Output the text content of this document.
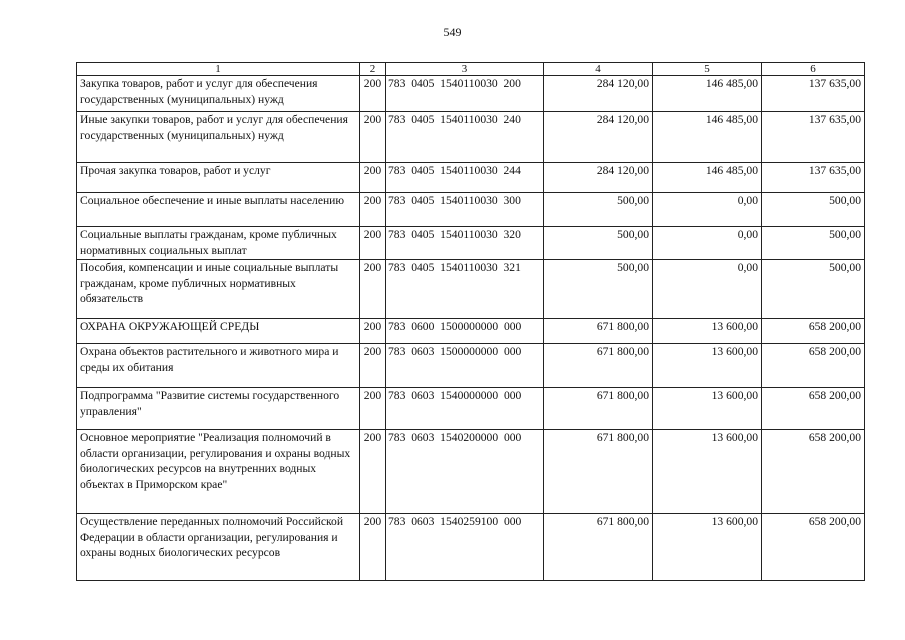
549
1	2	3	4	5	6
Закупка товаров, работ и услуг для обеспечения государственных (муниципальных) нужд	200	783  0405  1540110030  200	284 120,00	146 485,00	137 635,00
Иные закупки товаров, работ и услуг для обеспечения государственных (муниципальных) нужд	200	783  0405  1540110030  240	284 120,00	146 485,00	137 635,00
Прочая закупка товаров, работ и услуг	200	783  0405  1540110030  244	284 120,00	146 485,00	137 635,00
Социальное обеспечение и иные выплаты населению	200	783  0405  1540110030  300	500,00	0,00	500,00
Социальные выплаты гражданам, кроме публичных нормативных социальных выплат	200	783  0405  1540110030  320	500,00	0,00	500,00
Пособия, компенсации и иные социальные выплаты гражданам, кроме публичных нормативных обязательств	200	783  0405  1540110030  321	500,00	0,00	500,00
ОХРАНА ОКРУЖАЮЩЕЙ СРЕДЫ	200	783  0600  1500000000  000	671 800,00	13 600,00	658 200,00
Охрана объектов растительного и животного мира и среды их обитания	200	783  0603  1500000000  000	671 800,00	13 600,00	658 200,00
Подпрограмма "Развитие системы государственного управления"	200	783  0603  1540000000  000	671 800,00	13 600,00	658 200,00
Основное мероприятие "Реализация полномочий в области организации, регулирования и охраны водных биологических ресурсов на внутренних водных объектах в Приморском крае"	200	783  0603  1540200000  000	671 800,00	13 600,00	658 200,00
Осуществление переданных полномочий Российской Федерации в области организации, регулирования и охраны водных биологических ресурсов	200	783  0603  1540259100  000	671 800,00	13 600,00	658 200,00
